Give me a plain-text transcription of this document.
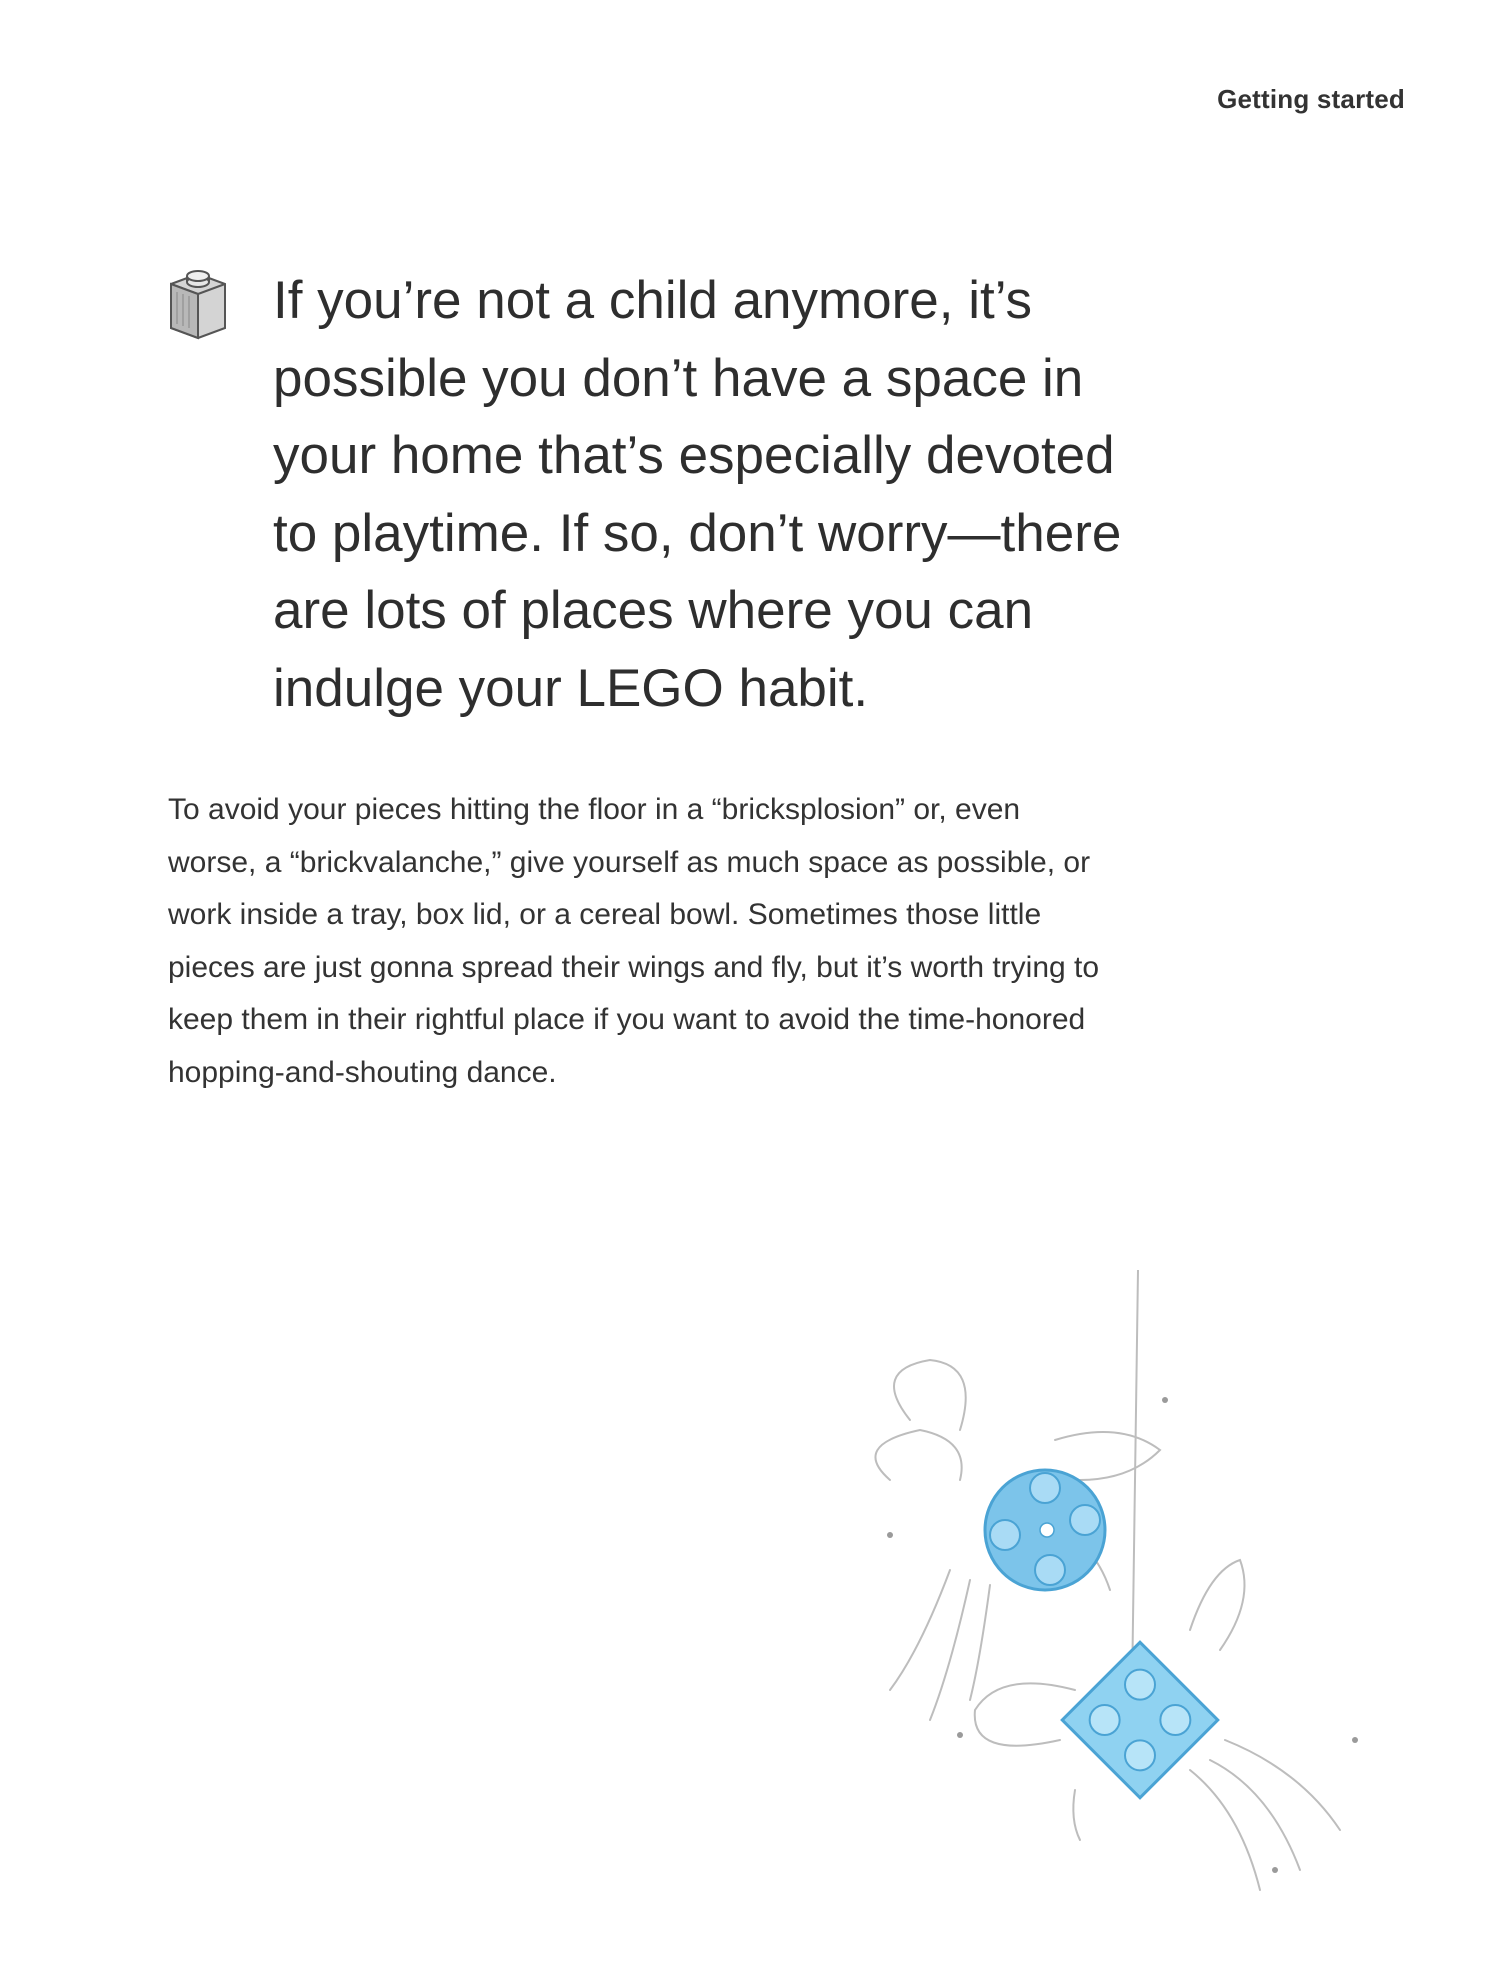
Getting started

If you’re not a child anymore, it’s
possible you don’t have a space in
your home that’s especially devoted
to playtime. If so, don’t worry—there
are lots of places where you can
indulge your LEGO habit.

To avoid your pieces hitting the floor in a “bricksplosion” or, even
worse, a “brickvalanche,” give yourself as much space as possible, or
work inside a tray, box lid, or a cereal bowl. Sometimes those little
pieces are just gonna spread their wings and fly, but it’s worth trying to
keep them in their rightful place if you want to avoid the time-honored
hopping-and-shouting dance.
